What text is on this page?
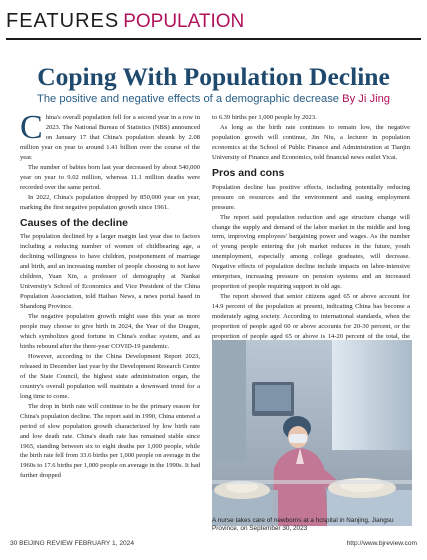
FEATURES POPULATION
Coping With Population Decline
The positive and negative effects of a demographic decrease By Ji Jing

China's overall population fell for a second year in a row in 2023. The National Bureau of Statistics (NBS) announced on January 17 that China's population shrank by 2.08 million year on year to around 1.41 billion over the course of the year.

The number of babies born last year decreased by about 540,000 year on year to 9.02 million, whereas 11.1 million deaths were recorded over the same period.

In 2022, China's population dropped by 850,000 year on year, marking the first negative population growth since 1961.

Causes of the decline

The population declined by a larger margin last year due to factors including a reducing number of women of childbearing age, a declining willingness to have children, postponement of marriage and birth, and an increasing number of people choosing to not have children, Yuan Xin, a professor of demography at Nankai University's School of Economics and Vice President of the China Population Association, told Haibao News, a news portal based in Shandong Province.

The negative population growth might ease this year as more people may choose to give birth in 2024, the Year of the Dragon, which symbolizes good fortune in China's zodiac system, and as births rebound after the three-year COVID-19 pandemic.

However, according to the China Development Report 2023, released in December last year by the Development Research Centre of the State Council, the highest state administration organ, the country's overall population will maintain a downward trend for a long time to come.

The drop in birth rate will continue to be the primary reason for China's population decline. The report said in 1990, China entered a period of slow population growth characterized by low birth rate and low death rate. China's death rate has remained stable since 1965, standing between six to eight deaths per 1,000 people, while the birth rate fell from 33.6 births per 1,000 people on average in the 1960s to 17.6 births per 1,000 people on average in the 1990s. It had further dropped

to 6.39 births per 1,000 people by 2023.

As long as the birth rate continues to remain low, the negative population growth will continue, Jin Niu, a lecturer in population economics at the School of Public Finance and Administration at Tianjin University of Finance and Economics, told financial news outlet Yicai.

Pros and cons

Population decline has positive effects, including potentially reducing pressure on resources and the environment and easing employment pressure.

The report said population reduction and age structure change will change the supply and demand of the labor market in the middle and long term, improving employees' bargaining power and wages. As the number of young people entering the job market reduces in the future, youth unemployment, especially among college graduates, will decrease. Negative effects of population decline include impacts on labor-intensive enterprises, increasing pressure on pension systems and an increased proportion of people requiring support in old age.

The report showed that senior citizens aged 65 or above account for 14.9 percent of the population at present, indicating China has become a moderately aging society. According to international standards, when the proportion of people aged 60 or above accounts for 20-30 percent, or the proportion of people aged 65 or above is 14-20 percent of the total, the

A nurse takes care of newborns at a hospital in Nanjing, Jiangsu Province, on September 30, 2023
30 BEIJING REVIEW FEBRUARY 1, 2024	http://www.bjreview.com
